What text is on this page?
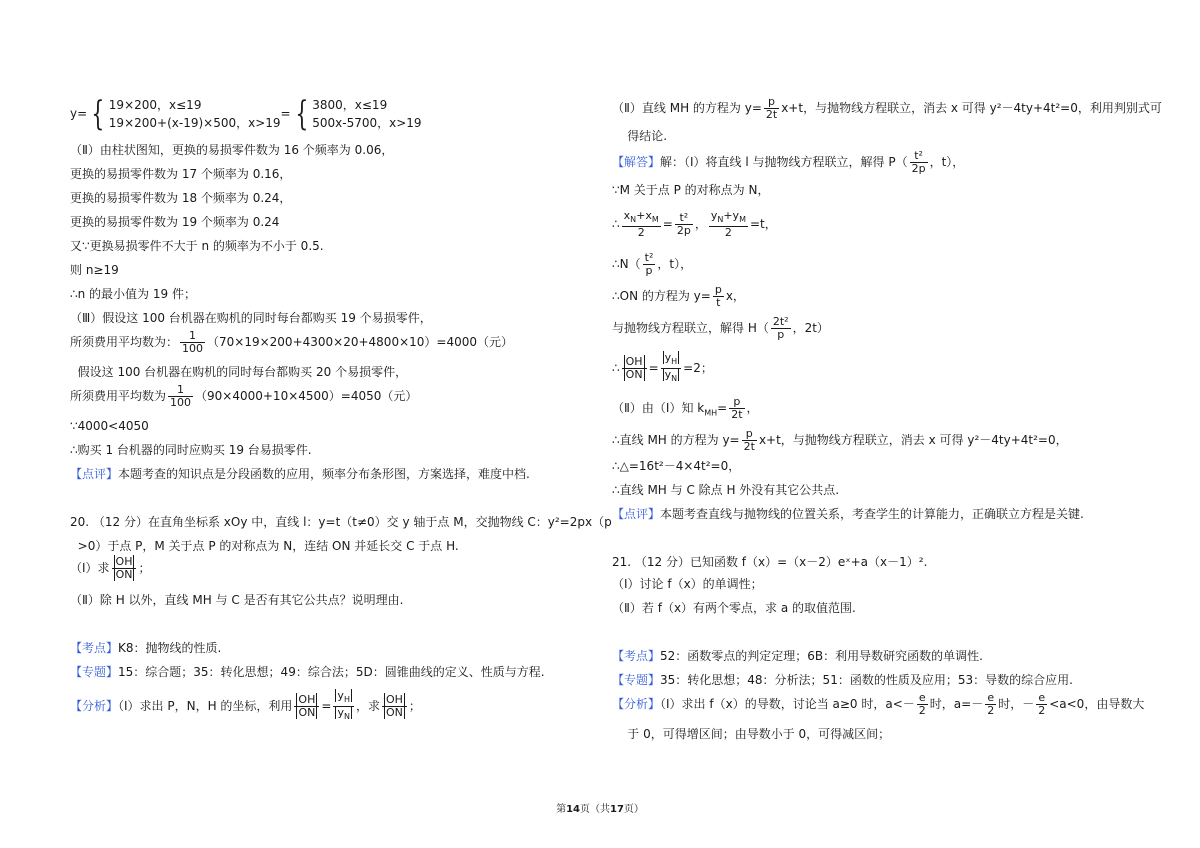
y= { 19×200，x≤19
19×200+(x-19)×500，x>19= { 3800，x≤19
500x-5700，x>19
（Ⅱ）由柱状图知，更换的易损零件数为 16 个频率为 0.06，
更换的易损零件数为 17 个频率为 0.16，
更换的易损零件数为 18 个频率为 0.24，
更换的易损零件数为 19 个频率为 0.24
又∵更换易损零件不大于 n 的频率为不小于 0.5.
则 n≥19
∴n 的最小值为 19 件；
（Ⅲ）假设这 100 台机器在购机的同时每台都购买 19 个易损零件，
所须费用平均数为： $\frac{1}{100} (70\times 19\times 200+4300\times 20+4800\times 10)=4000$（元）
假设这 100 台机器在购机的同时每台都购买 20 个易损零件，
所须费用平均数为 $\frac{1}{100} (90\times 4000+10\times 4500)=4050$（元）
∵4000<4050
∴购买 1 台机器的同时应购买 19 台易损零件.
【点评】本题考查的知识点是分段函数的应用，频率分布条形图，方案选择，难度中档.
20. （12 分）在直角坐标系 xOy 中，直线 l：y=t（t≠0）交 y 轴于点 M，交抛物线 C：y²=2px（p
>0）于点 P，M 关于点 P 的对称点为 N，连结 ON 并延长交 C 于点 H.
（Ⅰ）求 $\frac{OH}{ON}$ ；
（Ⅱ）除 H 以外，直线 MH 与 C 是否有其它公共点？说明理由.
【考点】K8：抛物线的性质.
【专题】15：综合题；35：转化思想；49：综合法；5D：圆锥曲线的定义、性质与方程.
【分析】（Ⅰ）求出 P，N，H 的坐标，利用 $\frac{OH}{ON} = \frac{y_H}{y_N}$ ，求 $\frac{OH}{ON}$ ；
（Ⅱ）直线 MH 的方程为 $y= \frac{p}{2t} x+t$，与抛物线方程联立，消去 x 可得 y²－4ty+4t²=0，利用判别式可
得结论.
【解答】解：（Ⅰ）将直线 l 与抛物线方程联立，解得 $P( \frac{\text{t²}}{2p}$ ，t），
∵M 关于点 P 的对称点为 N，
∴ $\frac{x_N+x_M}{2} = \frac{\text{t²}}{2p}$ ， $\frac{y_N+y_M}{2} =t$，
∴N（ $\frac{\text{t²}}{p}$ ，t），
∴ON 的方程为 $y= \frac{p}{t}$ x，
与抛物线方程联立，解得 $H( \frac{\text{2t²}}{p}$ ，2t）
∴ $\frac{OH}{ON} = \frac{y_H}{y_N} =2$；
（Ⅱ）由（Ⅰ）知 $k_{MH}= \frac{p}{2t}$ ，
∴直线 MH 的方程为 $y= \frac{p}{2t} x+t$，与抛物线方程联立，消去 x 可得 y²－4ty+4t²=0，
∴△=16t²－4×4t²=0，
∴直线 MH 与 C 除点 H 外没有其它公共点.
【点评】本题考查直线与抛物线的位置关系，考查学生的计算能力，正确联立方程是关键.
21. （12 分）已知函数 f（x）=（x－2）eˣ+a（x－1）².
（Ⅰ）讨论 f（x）的单调性；
（Ⅱ）若 f（x）有两个零点，求 a 的取值范围.
【考点】52：函数零点的判定定理；6B：利用导数研究函数的单调性.
【专题】35：转化思想；48：分析法；51：函数的性质及应用；53：导数的综合应用.
【分析】（Ⅰ）求出 f（x）的导数，讨论当 a≥0 时，$a<- \frac{e}{2}$ 时，$a=- \frac{e}{2}$ 时，－ $\frac{e}{2} <a<0$，由导数大
于 0，可得增区间；由导数小于 0，可得减区间；
第14页（共17页）
